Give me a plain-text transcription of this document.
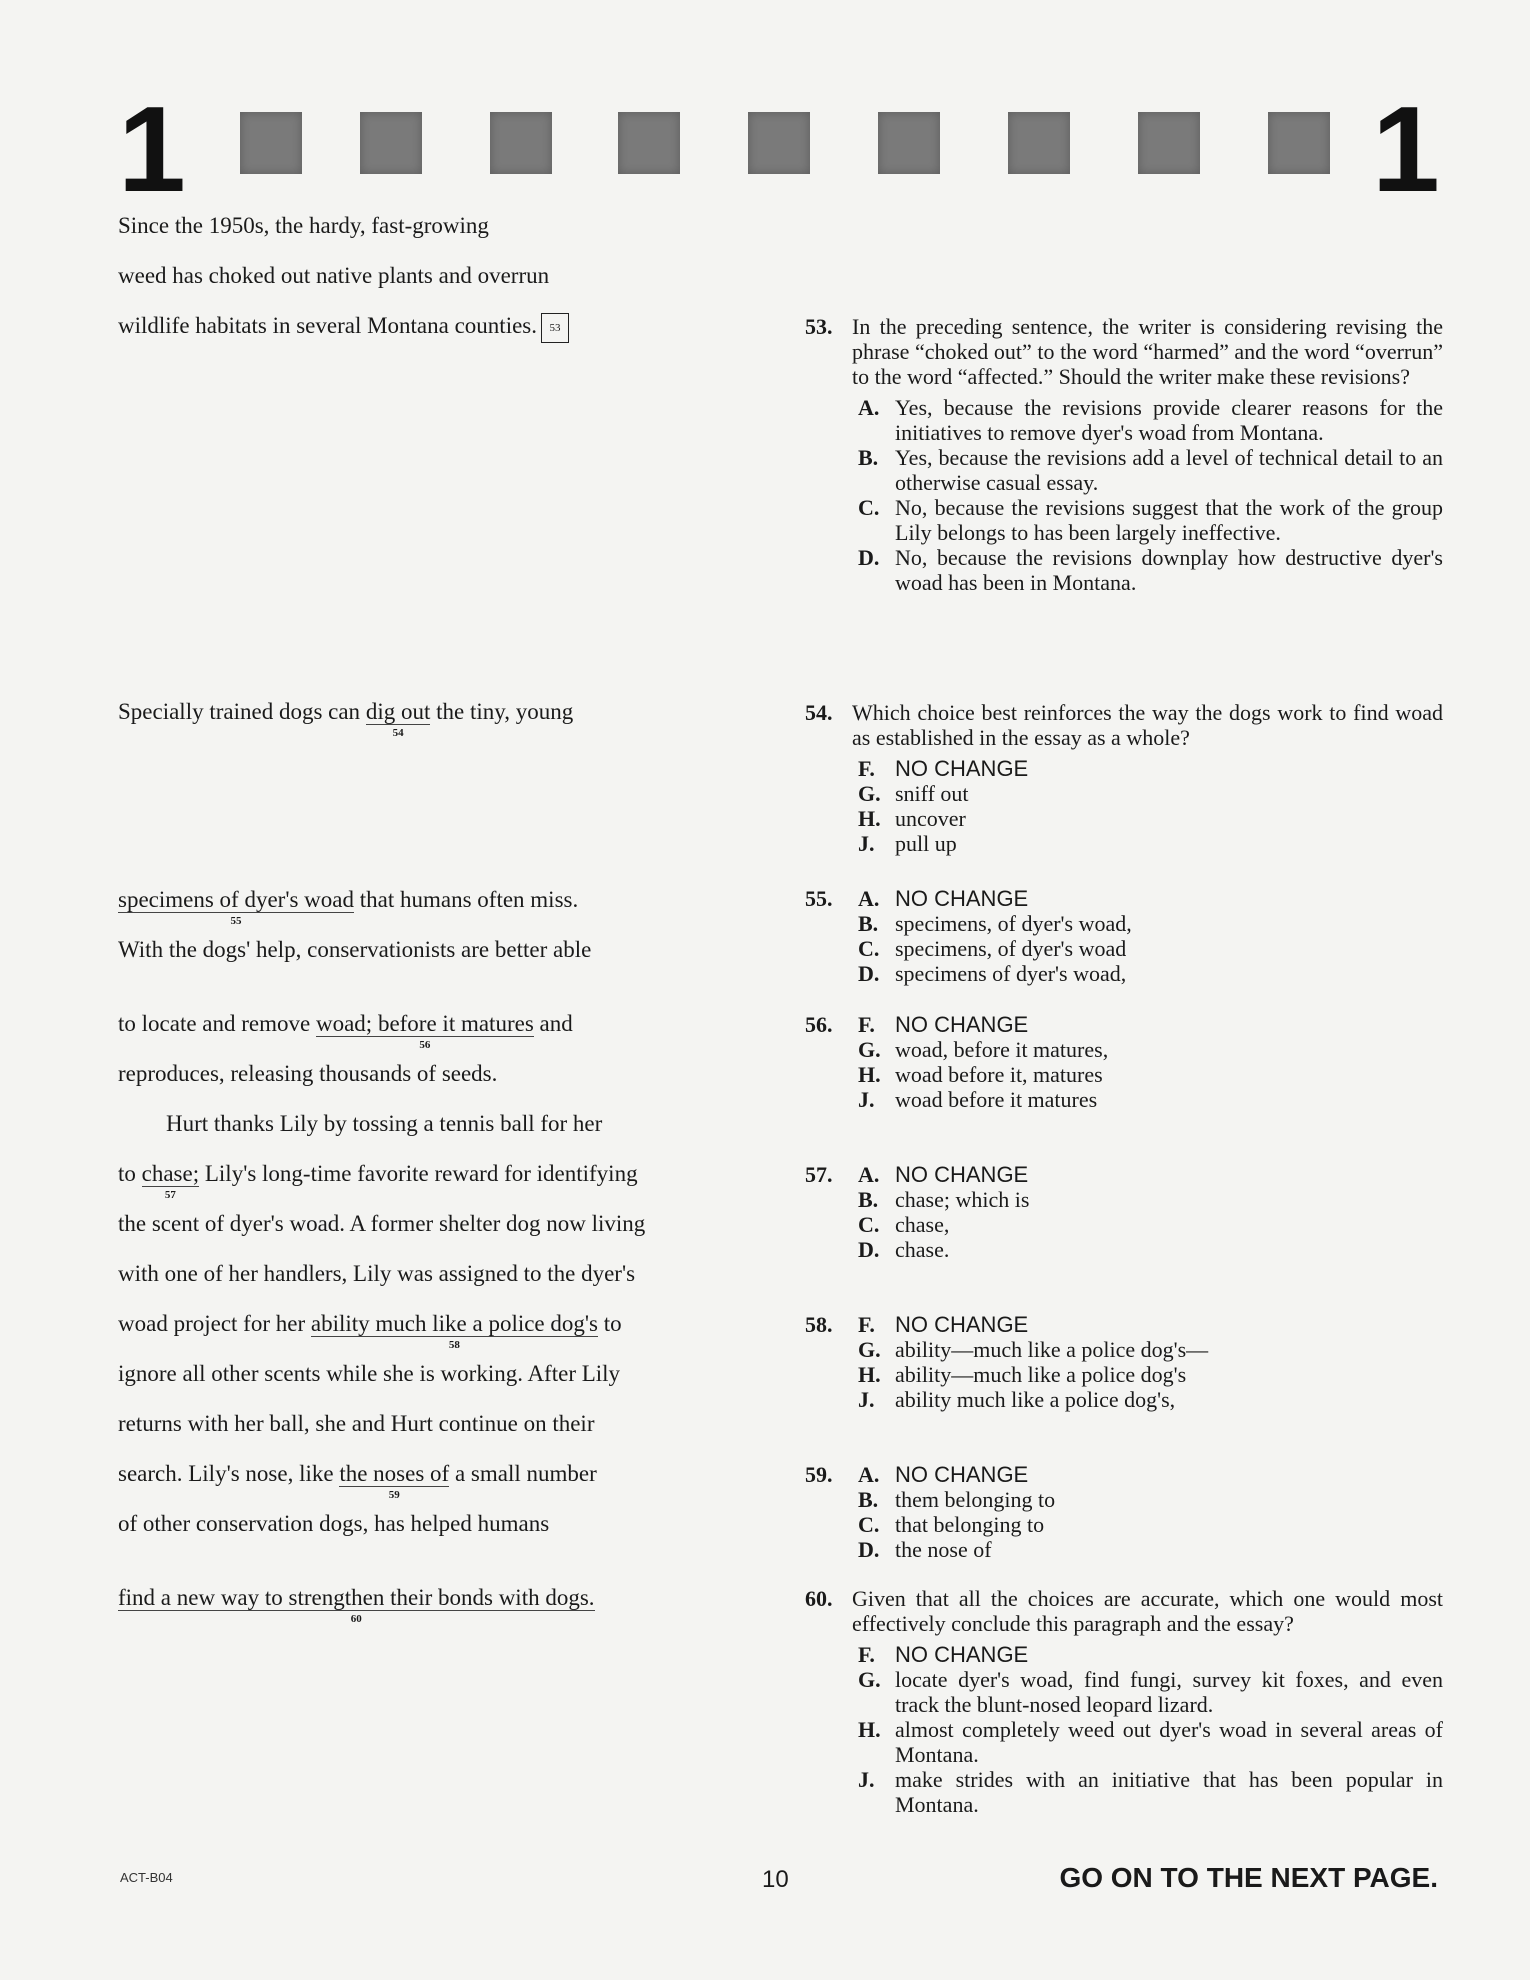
1	1
Since the 1950s, the hardy, fast-growing
weed has choked out native plants and overrun
wildlife habitats in several Montana counties. 53
Specially trained dogs can dig out
54
the tiny, young
specimens of dyer's woad
55
that humans often miss.
With the dogs' help, conservationists are better able
to locate and remove woad; before it matures
56
and
reproduces, releasing thousands of seeds.
Hurt thanks Lily by tossing a tennis ball for her
to chase;
57
Lily's long-time favorite reward for identifying
the scent of dyer's woad. A former shelter dog now living
with one of her handlers, Lily was assigned to the dyer's
woad project for her ability much like a police dog's
58
to
ignore all other scents while she is working. After Lily
returns with her ball, she and Hurt continue on their
search. Lily's nose, like the noses of
59
a small number
of other conservation dogs, has helped humans
find a new way to strengthen their bonds with dogs.
60
53. In the preceding sentence, the writer is considering revising the phrase “choked out” to the word “harmed” and the word “overrun” to the word “affected.” Should the writer make these revisions?
A. Yes, because the revisions provide clearer reasons for the initiatives to remove dyer's woad from Montana.
B. Yes, because the revisions add a level of technical detail to an otherwise casual essay.
C. No, because the revisions suggest that the work of the group Lily belongs to has been largely ineffective.
D. No, because the revisions downplay how destructive dyer's woad has been in Montana.
54. Which choice best reinforces the way the dogs work to find woad as established in the essay as a whole?
F. NO CHANGE
G. sniff out
H. uncover
J. pull up
55. A. NO CHANGE
B. specimens, of dyer's woad,
C. specimens, of dyer's woad
D. specimens of dyer's woad,
56. F. NO CHANGE
G. woad, before it matures,
H. woad before it, matures
J. woad before it matures
57. A. NO CHANGE
B. chase; which is
C. chase,
D. chase.
58. F. NO CHANGE
G. ability—much like a police dog's—
H. ability—much like a police dog's
J. ability much like a police dog's,
59. A. NO CHANGE
B. them belonging to
C. that belonging to
D. the nose of
60. Given that all the choices are accurate, which one would most effectively conclude this paragraph and the essay?
F. NO CHANGE
G. locate dyer's woad, find fungi, survey kit foxes, and even track the blunt-nosed leopard lizard.
H. almost completely weed out dyer's woad in several areas of Montana.
J. make strides with an initiative that has been popular in Montana.
ACT-B04	10	GO ON TO THE NEXT PAGE.
